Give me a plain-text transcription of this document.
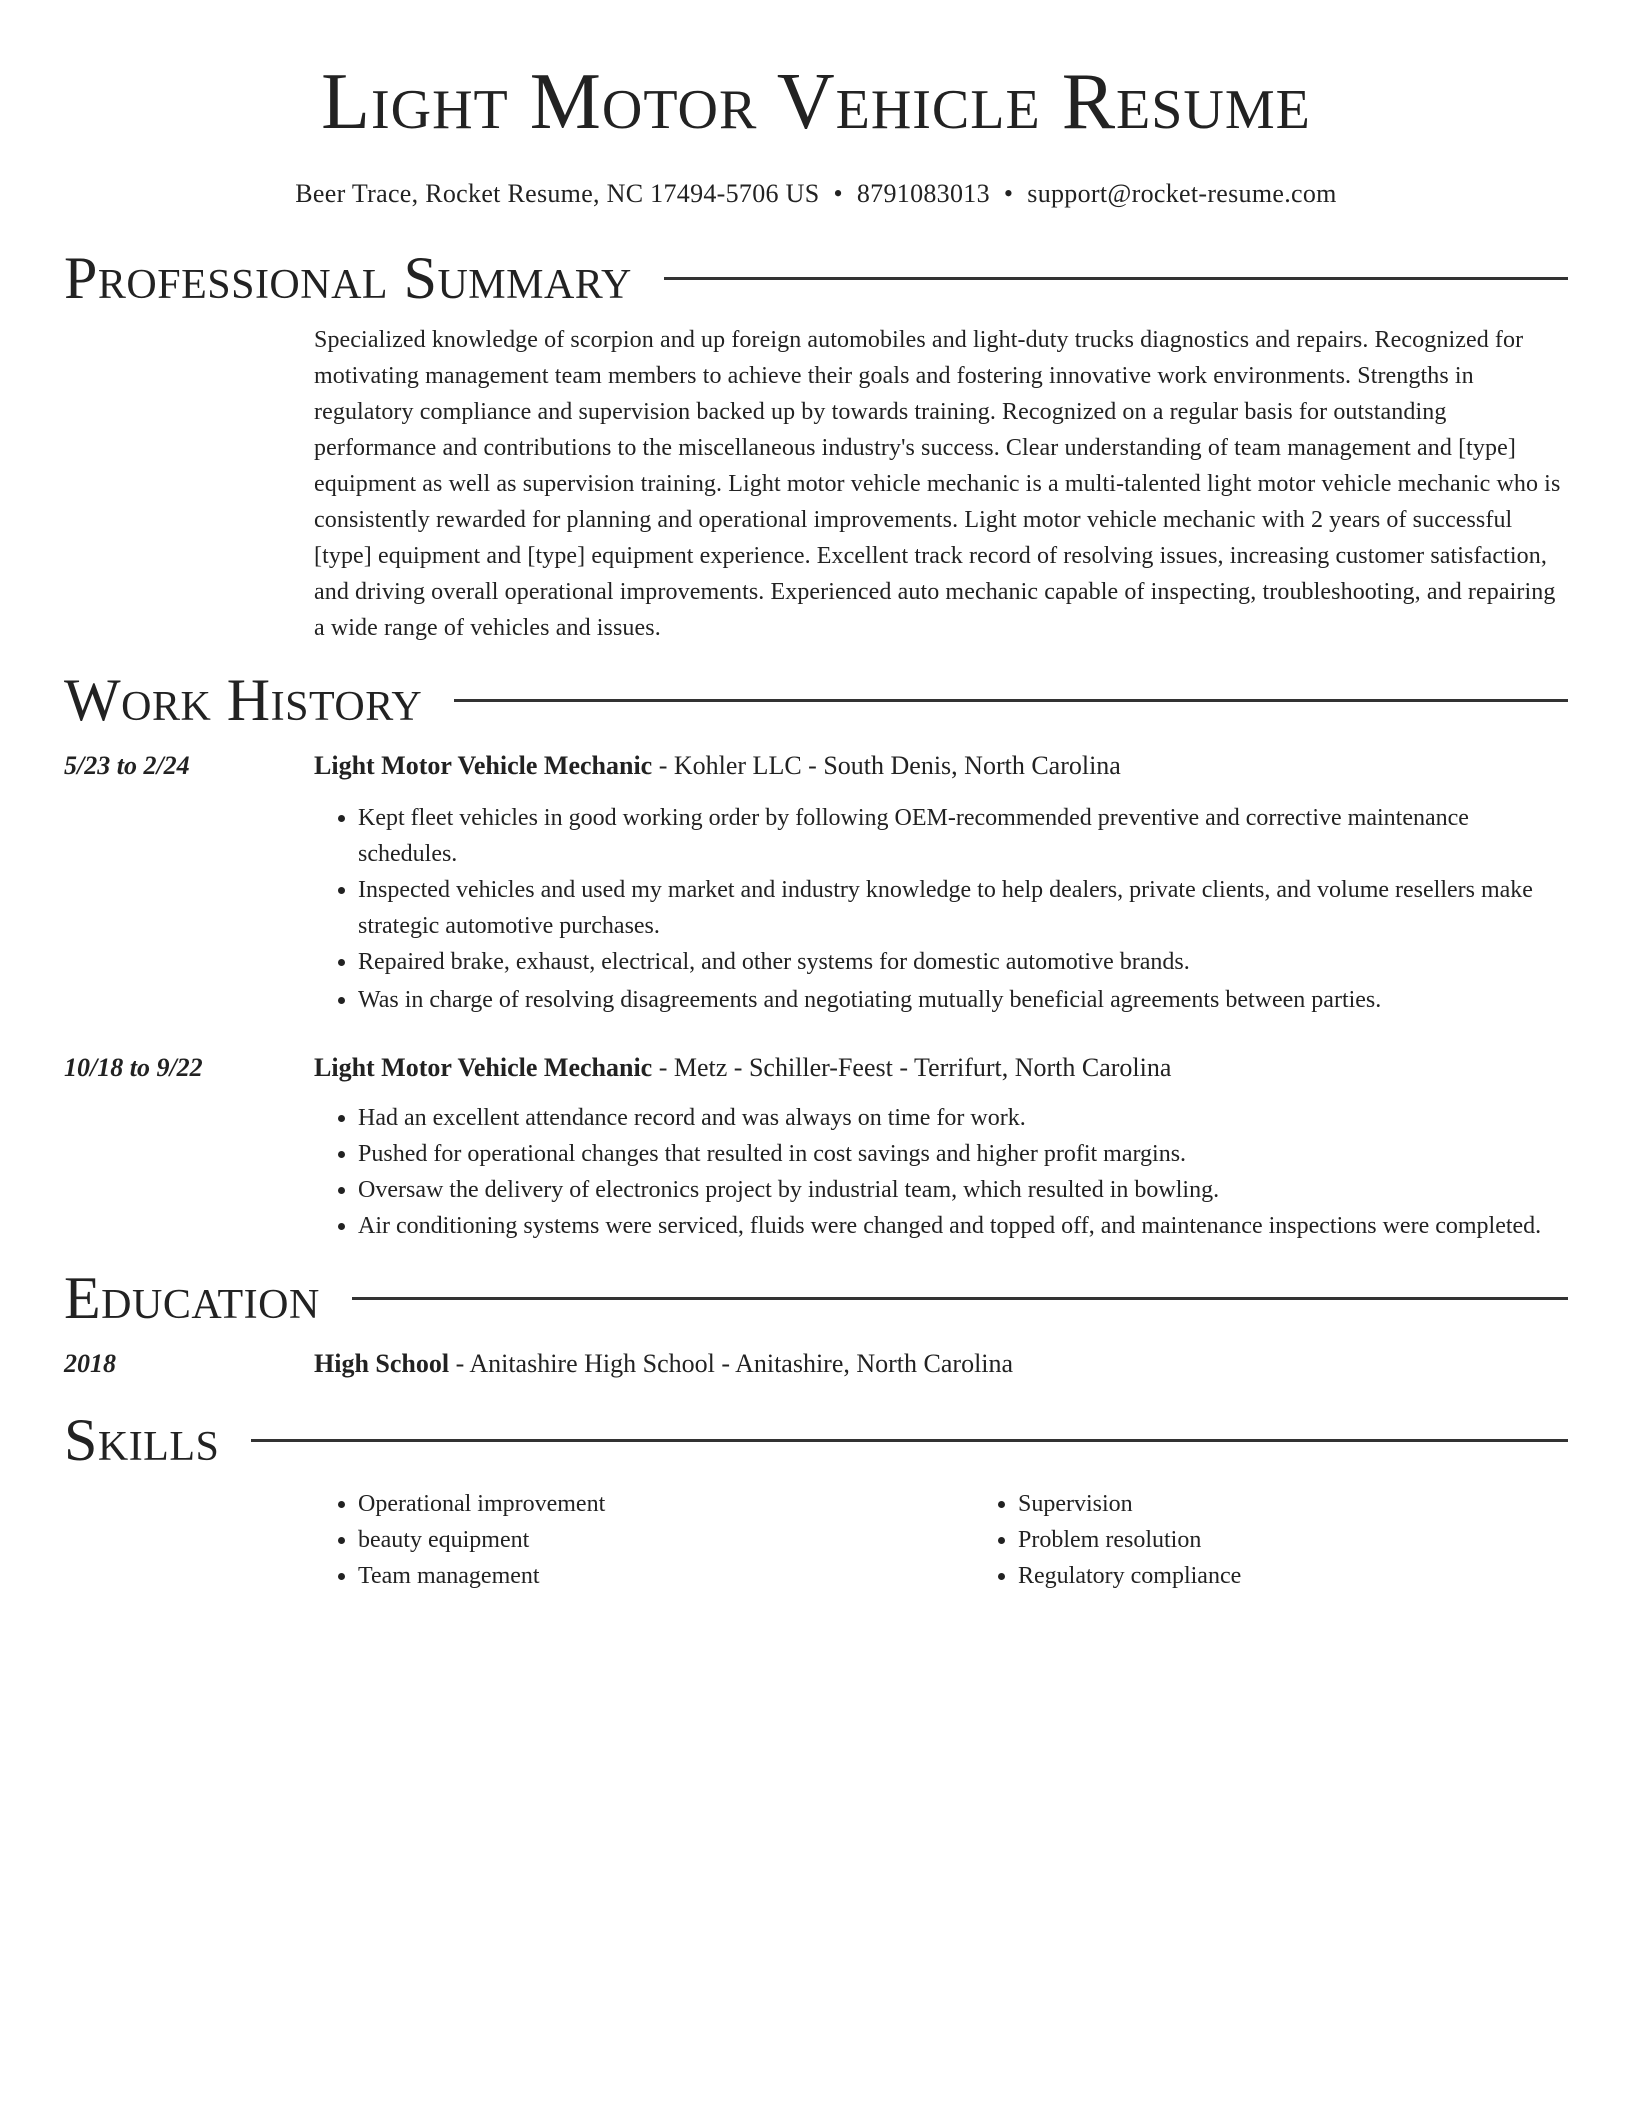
Light Motor Vehicle Resume
Beer Trace, Rocket Resume, NC 17494-5706 US • 8791083013 • support@rocket-resume.com
Professional Summary

Specialized knowledge of scorpion and up foreign automobiles and light-duty trucks diagnostics and repairs. Recognized for motivating management team members to achieve their goals and fostering innovative work environments. Strengths in regulatory compliance and supervision backed up by towards training. Recognized on a regular basis for outstanding performance and contributions to the miscellaneous industry's success. Clear understanding of team management and [type] equipment as well as supervision training. Light motor vehicle mechanic is a multi-talented light motor vehicle mechanic who is consistently rewarded for planning and operational improvements. Light motor vehicle mechanic with 2 years of successful [type] equipment and [type] equipment experience. Excellent track record of resolving issues, increasing customer satisfaction, and driving overall operational improvements. Experienced auto mechanic capable of inspecting, troubleshooting, and repairing a wide range of vehicles and issues.

Work History
5/23 to 2/24	Light Motor Vehicle Mechanic - Kohler LLC - South Denis, North Carolina
• Kept fleet vehicles in good working order by following OEM-recommended preventive and corrective maintenance schedules.
• Inspected vehicles and used my market and industry knowledge to help dealers, private clients, and volume resellers make strategic automotive purchases.
• Repaired brake, exhaust, electrical, and other systems for domestic automotive brands.
• Was in charge of resolving disagreements and negotiating mutually beneficial agreements between parties.
10/18 to 9/22	Light Motor Vehicle Mechanic - Metz - Schiller-Feest - Terrifurt, North Carolina
• Had an excellent attendance record and was always on time for work.
• Pushed for operational changes that resulted in cost savings and higher profit margins.
• Oversaw the delivery of electronics project by industrial team, which resulted in bowling.
• Air conditioning systems were serviced, fluids were changed and topped off, and maintenance inspections were completed.
Education
2018	High School - Anitashire High School - Anitashire, North Carolina
Skills
• Operational improvement
• beauty equipment
• Team management
• Supervision
• Problem resolution
• Regulatory compliance
